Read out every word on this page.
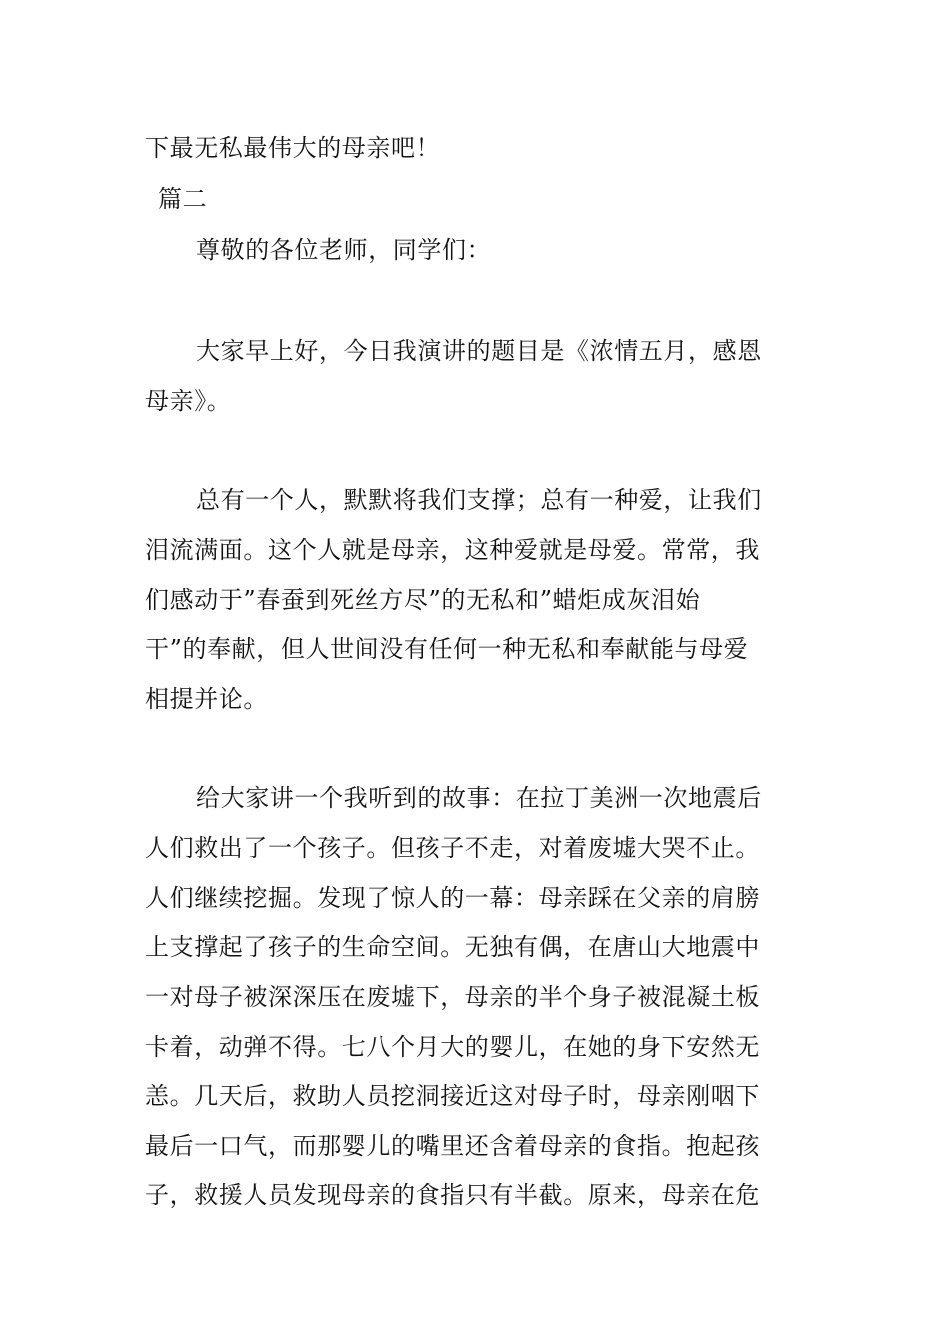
下最无私最伟大的母亲吧！
篇二
尊敬的各位老师，同学们：
大家早上好，今日我演讲的题目是《浓情五月，感恩
母亲》。
总有一个人，默默将我们支撑；总有一种爱，让我们
泪流满面。这个人就是母亲，这种爱就是母爱。常常，我
们感动于”春蚕到死丝方尽”的无私和”蜡炬成灰泪始
干”的奉献，但人世间没有任何一种无私和奉献能与母爱
相提并论。
给大家讲一个我听到的故事：在拉丁美洲一次地震后
人们救出了一个孩子。但孩子不走，对着废墟大哭不止。
人们继续挖掘。发现了惊人的一幕：母亲踩在父亲的肩膀
上支撑起了孩子的生命空间。无独有偶，在唐山大地震中
一对母子被深深压在废墟下，母亲的半个身子被混凝土板
卡着，动弹不得。七八个月大的婴儿，在她的身下安然无
恙。几天后，救助人员挖洞接近这对母子时，母亲刚咽下
最后一口气，而那婴儿的嘴里还含着母亲的食指。抱起孩
子，救援人员发现母亲的食指只有半截。原来，母亲在危
